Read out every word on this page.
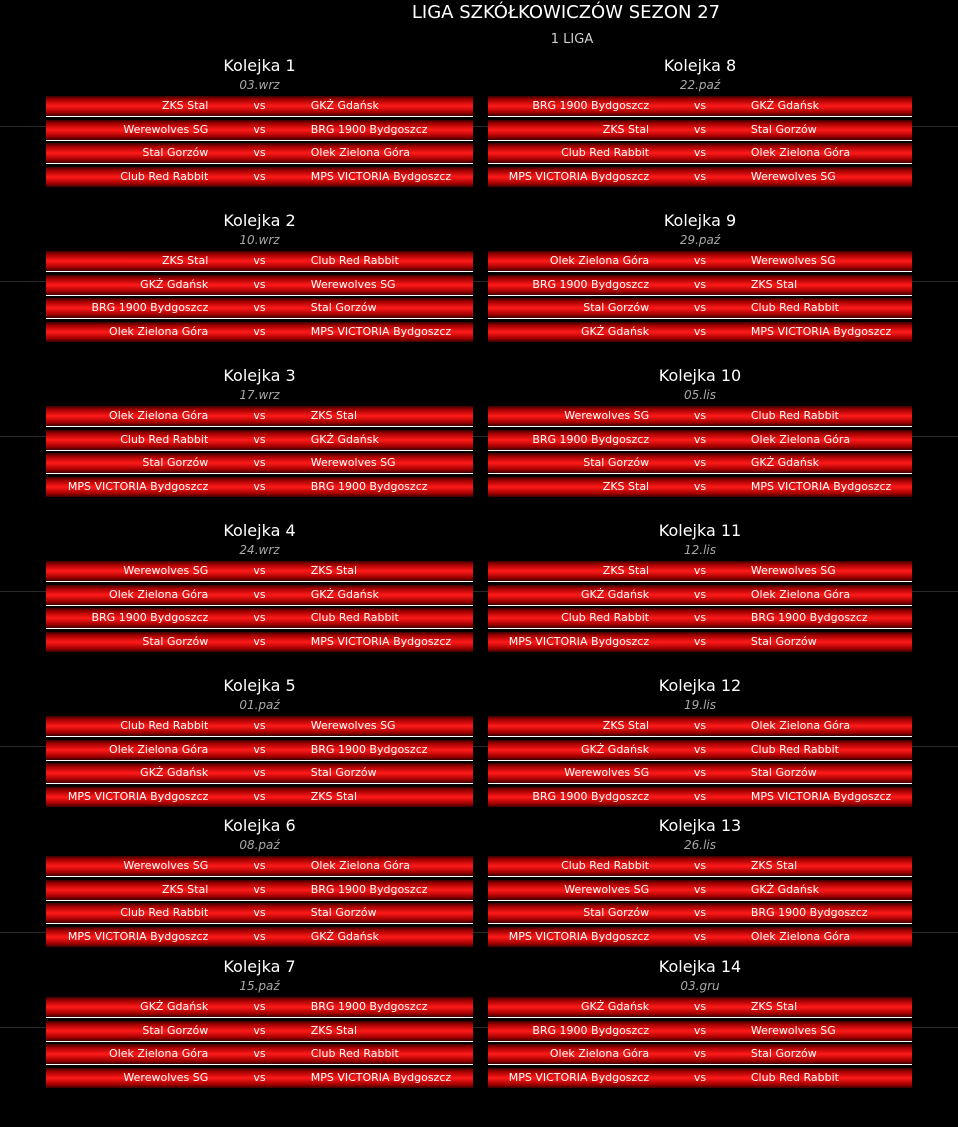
LIGA SZKÓŁKOWICZÓW SEZON 27
1 LIGA
Kolejka 1
03.wrz
ZKS Stal	vs	GKŻ Gdańsk
Werewolves SG	vs	BRG 1900 Bydgoszcz
Stal Gorzów	vs	Olek Zielona Góra
Club Red Rabbit	vs	MPS VICTORIA Bydgoszcz
Kolejka 2
10.wrz
ZKS Stal	vs	Club Red Rabbit
GKŻ Gdańsk	vs	Werewolves SG
BRG 1900 Bydgoszcz	vs	Stal Gorzów
Olek Zielona Góra	vs	MPS VICTORIA Bydgoszcz
Kolejka 3
17.wrz
Olek Zielona Góra	vs	ZKS Stal
Club Red Rabbit	vs	GKŻ Gdańsk
Stal Gorzów	vs	Werewolves SG
MPS VICTORIA Bydgoszcz	vs	BRG 1900 Bydgoszcz
Kolejka 4
24.wrz
Werewolves SG	vs	ZKS Stal
Olek Zielona Góra	vs	GKŻ Gdańsk
BRG 1900 Bydgoszcz	vs	Club Red Rabbit
Stal Gorzów	vs	MPS VICTORIA Bydgoszcz
Kolejka 5
01.paź
Club Red Rabbit	vs	Werewolves SG
Olek Zielona Góra	vs	BRG 1900 Bydgoszcz
GKŻ Gdańsk	vs	Stal Gorzów
MPS VICTORIA Bydgoszcz	vs	ZKS Stal
Kolejka 6
08.paź
Werewolves SG	vs	Olek Zielona Góra
ZKS Stal	vs	BRG 1900 Bydgoszcz
Club Red Rabbit	vs	Stal Gorzów
MPS VICTORIA Bydgoszcz	vs	GKŻ Gdańsk
Kolejka 7
15.paź
GKŻ Gdańsk	vs	BRG 1900 Bydgoszcz
Stal Gorzów	vs	ZKS Stal
Olek Zielona Góra	vs	Club Red Rabbit
Werewolves SG	vs	MPS VICTORIA Bydgoszcz
Kolejka 8
22.paź
BRG 1900 Bydgoszcz	vs	GKŻ Gdańsk
ZKS Stal	vs	Stal Gorzów
Club Red Rabbit	vs	Olek Zielona Góra
MPS VICTORIA Bydgoszcz	vs	Werewolves SG
Kolejka 9
29.paź
Olek Zielona Góra	vs	Werewolves SG
BRG 1900 Bydgoszcz	vs	ZKS Stal
Stal Gorzów	vs	Club Red Rabbit
GKŻ Gdańsk	vs	MPS VICTORIA Bydgoszcz
Kolejka 10
05.lis
Werewolves SG	vs	Club Red Rabbit
BRG 1900 Bydgoszcz	vs	Olek Zielona Góra
Stal Gorzów	vs	GKŻ Gdańsk
ZKS Stal	vs	MPS VICTORIA Bydgoszcz
Kolejka 11
12.lis
ZKS Stal	vs	Werewolves SG
GKŻ Gdańsk	vs	Olek Zielona Góra
Club Red Rabbit	vs	BRG 1900 Bydgoszcz
MPS VICTORIA Bydgoszcz	vs	Stal Gorzów
Kolejka 12
19.lis
ZKS Stal	vs	Olek Zielona Góra
GKŻ Gdańsk	vs	Club Red Rabbit
Werewolves SG	vs	Stal Gorzów
BRG 1900 Bydgoszcz	vs	MPS VICTORIA Bydgoszcz
Kolejka 13
26.lis
Club Red Rabbit	vs	ZKS Stal
Werewolves SG	vs	GKŻ Gdańsk
Stal Gorzów	vs	BRG 1900 Bydgoszcz
MPS VICTORIA Bydgoszcz	vs	Olek Zielona Góra
Kolejka 14
03.gru
GKŻ Gdańsk	vs	ZKS Stal
BRG 1900 Bydgoszcz	vs	Werewolves SG
Olek Zielona Góra	vs	Stal Gorzów
MPS VICTORIA Bydgoszcz	vs	Club Red Rabbit
